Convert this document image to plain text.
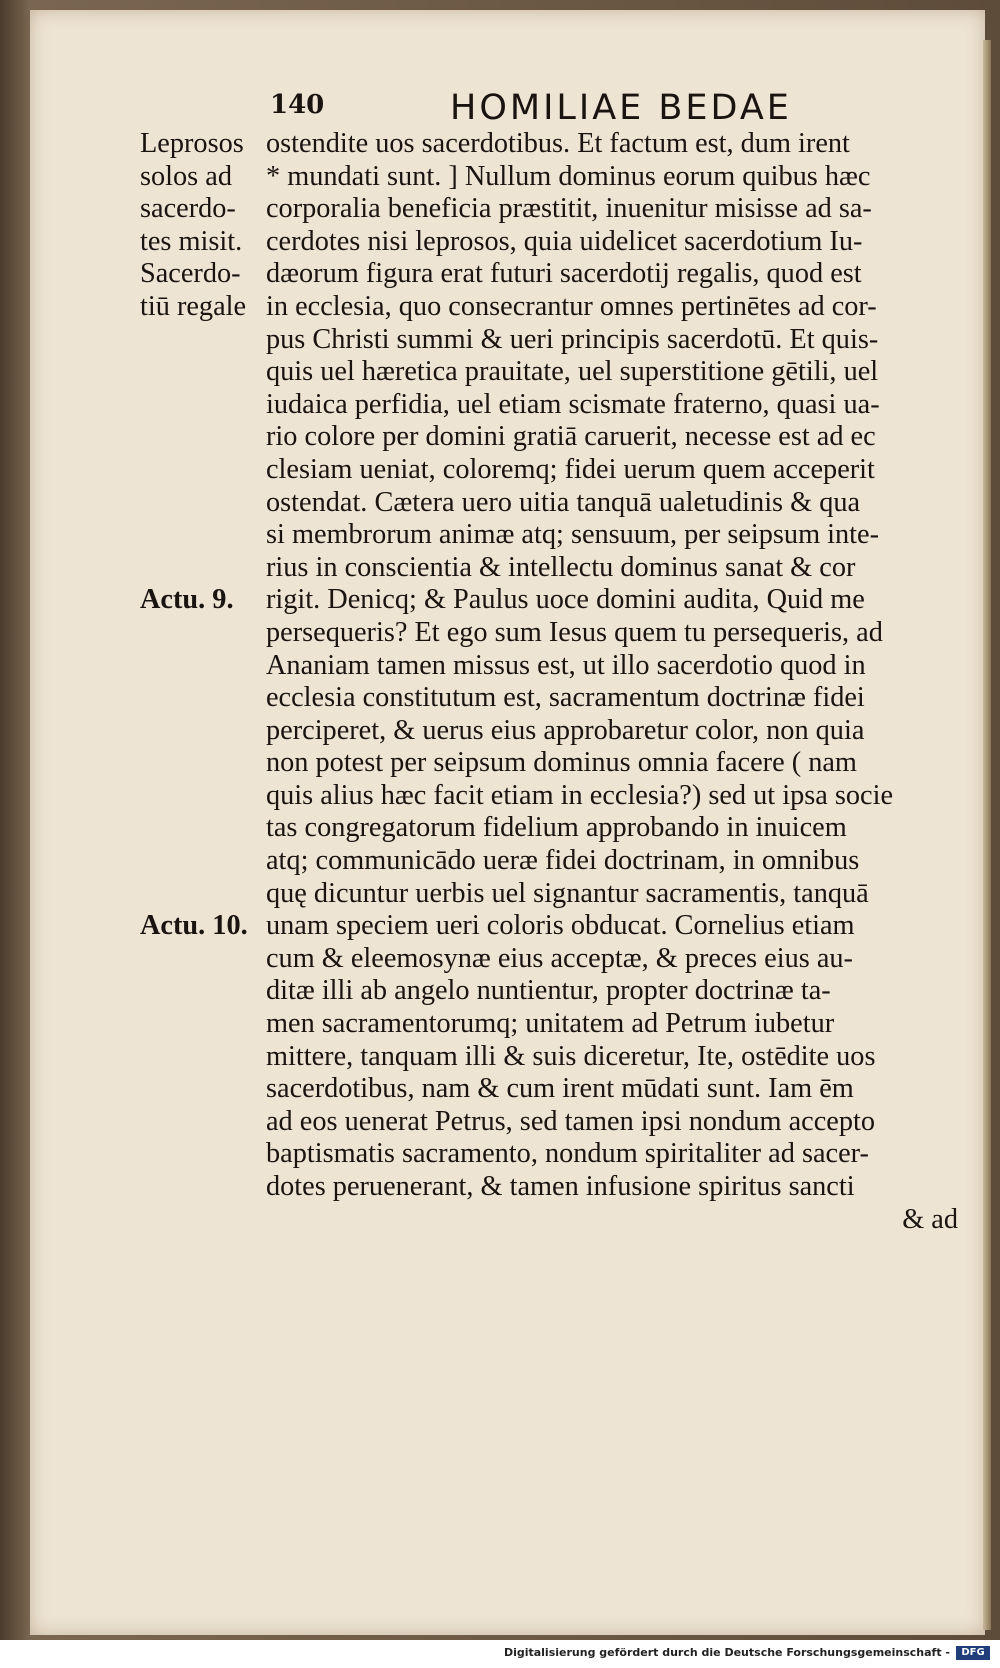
140	HOMILIAE BEDAE
Leprosos ostendite uos sacerdotibus. Et factum est, dum irent
solos ad	* mundati sunt. ] Nullum dominus eorum quibus hæc
sacerdo-	corporalia beneficia præstitit, inuenitur misisse ad sa-
tes misit. cerdotes nisi leprosos, quia uidelicet sacerdotium Iu-
Sacerdo- dæorum figura erat futuri sacerdotij regalis, quod est
tiū regale in ecclesia, quo consecrantur omnes pertinētes ad cor-
pus Christi summi & ueri principis sacerdotū. Et quis-
quis uel hæretica prauitate, uel superstitione gētili, uel
iudaica perfidia, uel etiam scismate fraterno, quasi ua-
rio colore per domini gratiā caruerit, necesse est ad ec
clesiam ueniat, coloremq; fidei uerum quem acceperit
ostendat. Cætera uero uitia tanquā ualetudinis & qua
si membrorum animæ atq; sensuum, per seipsum inte-
rius in conscientia & intellectu dominus sanat & cor
Actu. 9.	rigit. Denicq; & Paulus uoce domini audita, Quid me
persequeris? Et ego sum Iesus quem tu persequeris, ad
Ananiam tamen missus est, ut illo sacerdotio quod in
ecclesia constitutum est, sacramentum doctrinæ fidei
perciperet, & uerus eius approbaretur color, non quia
non potest per seipsum dominus omnia facere ( nam
quis alius hæc facit etiam in ecclesia?) sed ut ipsa socie
tas congregatorum fidelium approbando in inuicem
atq; communicādo ueræ fidei doctrinam, in omnibus
quę dicuntur uerbis uel signantur sacramentis, tanquā
Actu. 10. unam speciem ueri coloris obducat. Cornelius etiam
cum & eleemosynæ eius acceptæ, & preces eius au-
ditæ illi ab angelo nuntientur, propter doctrinæ ta-
men sacramentorumq; unitatem ad Petrum iubetur
mittere, tanquam illi & suis diceretur, Ite, ostēdite uos
sacerdotibus, nam & cum irent mūdati sunt. Iam ēm
ad eos uenerat Petrus, sed tamen ipsi nondum accepto
baptismatis sacramento, nondum spiritaliter ad sacer-
dotes peruenerant, & tamen infusione spiritus sancti
& ad
Digitalisierung gefördert durch die Deutsche Forschungsgemeinschaft -	DFG
